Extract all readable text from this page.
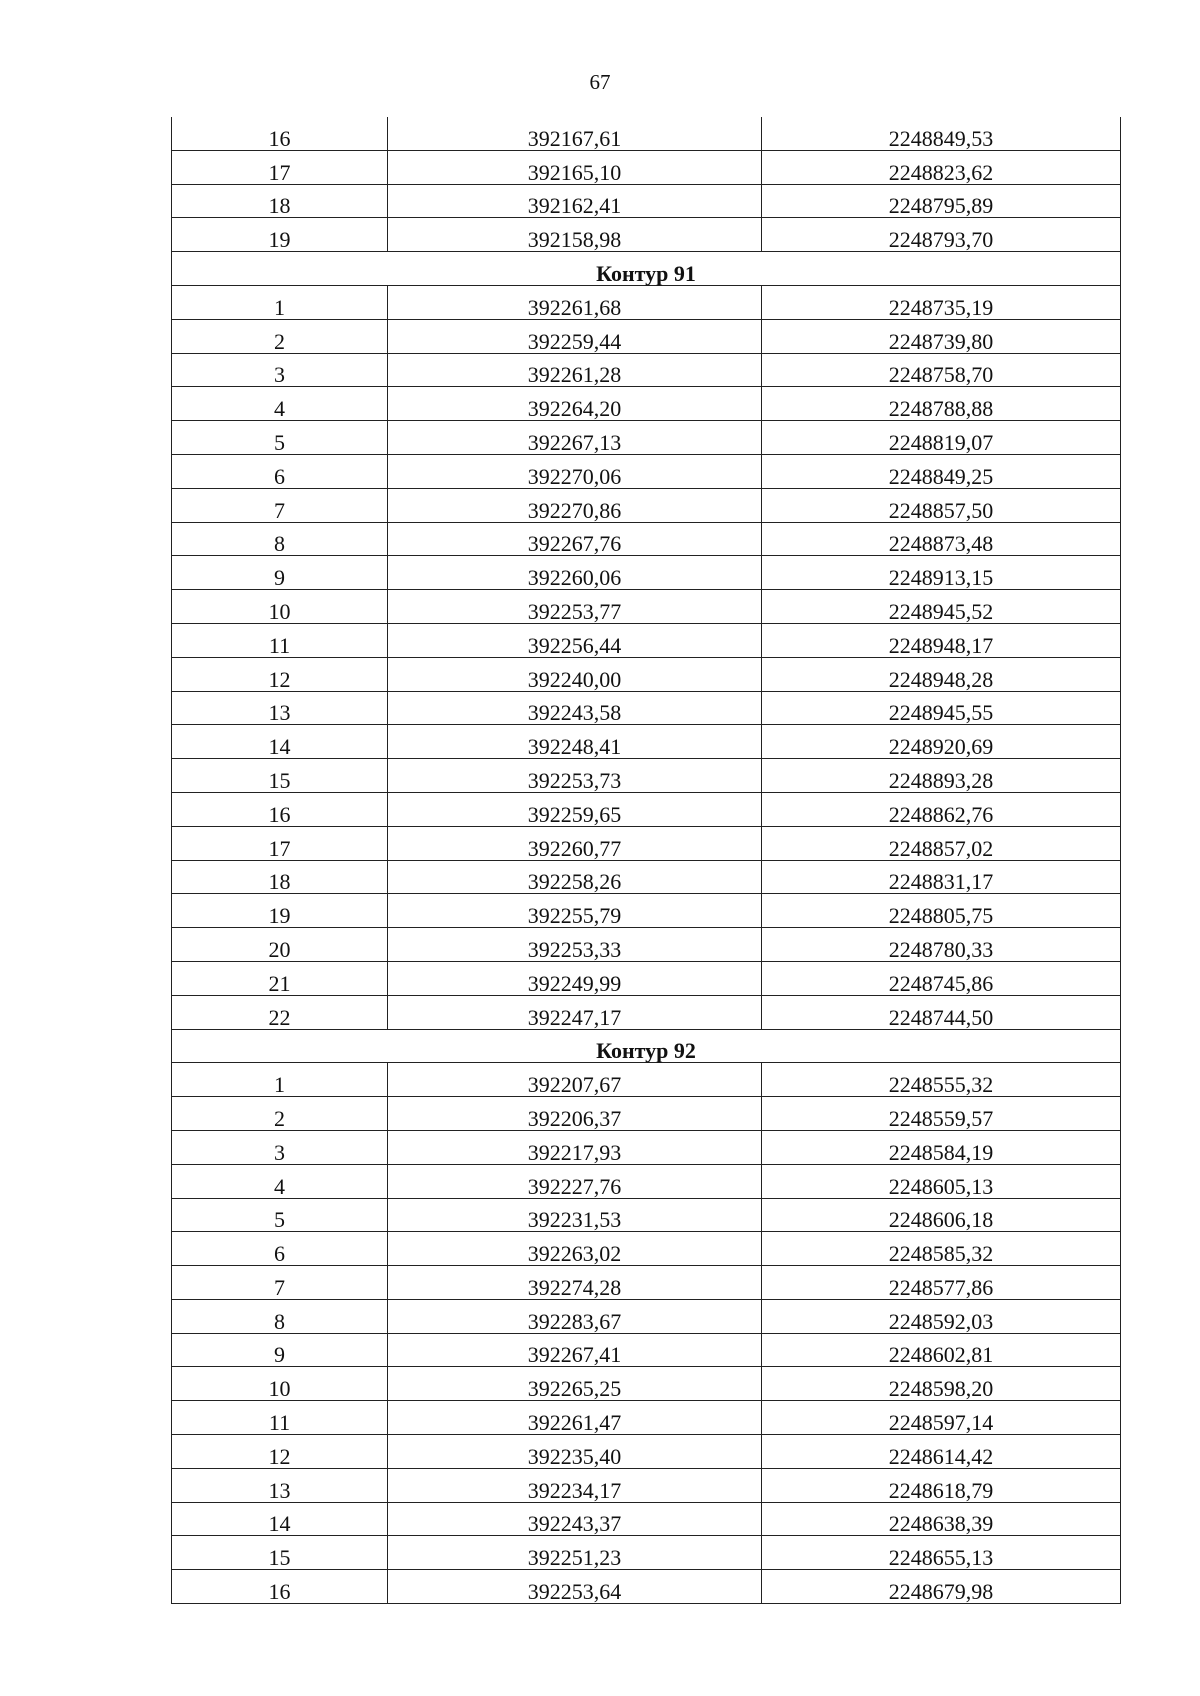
67
16	392167,61	2248849,53
17	392165,10	2248823,62
18	392162,41	2248795,89
19	392158,98	2248793,70
Контур 91		
1	392261,68	2248735,19
2	392259,44	2248739,80
3	392261,28	2248758,70
4	392264,20	2248788,88
5	392267,13	2248819,07
6	392270,06	2248849,25
7	392270,86	2248857,50
8	392267,76	2248873,48
9	392260,06	2248913,15
10	392253,77	2248945,52
11	392256,44	2248948,17
12	392240,00	2248948,28
13	392243,58	2248945,55
14	392248,41	2248920,69
15	392253,73	2248893,28
16	392259,65	2248862,76
17	392260,77	2248857,02
18	392258,26	2248831,17
19	392255,79	2248805,75
20	392253,33	2248780,33
21	392249,99	2248745,86
22	392247,17	2248744,50
Контур 92		
1	392207,67	2248555,32
2	392206,37	2248559,57
3	392217,93	2248584,19
4	392227,76	2248605,13
5	392231,53	2248606,18
6	392263,02	2248585,32
7	392274,28	2248577,86
8	392283,67	2248592,03
9	392267,41	2248602,81
10	392265,25	2248598,20
11	392261,47	2248597,14
12	392235,40	2248614,42
13	392234,17	2248618,79
14	392243,37	2248638,39
15	392251,23	2248655,13
16	392253,64	2248679,98
